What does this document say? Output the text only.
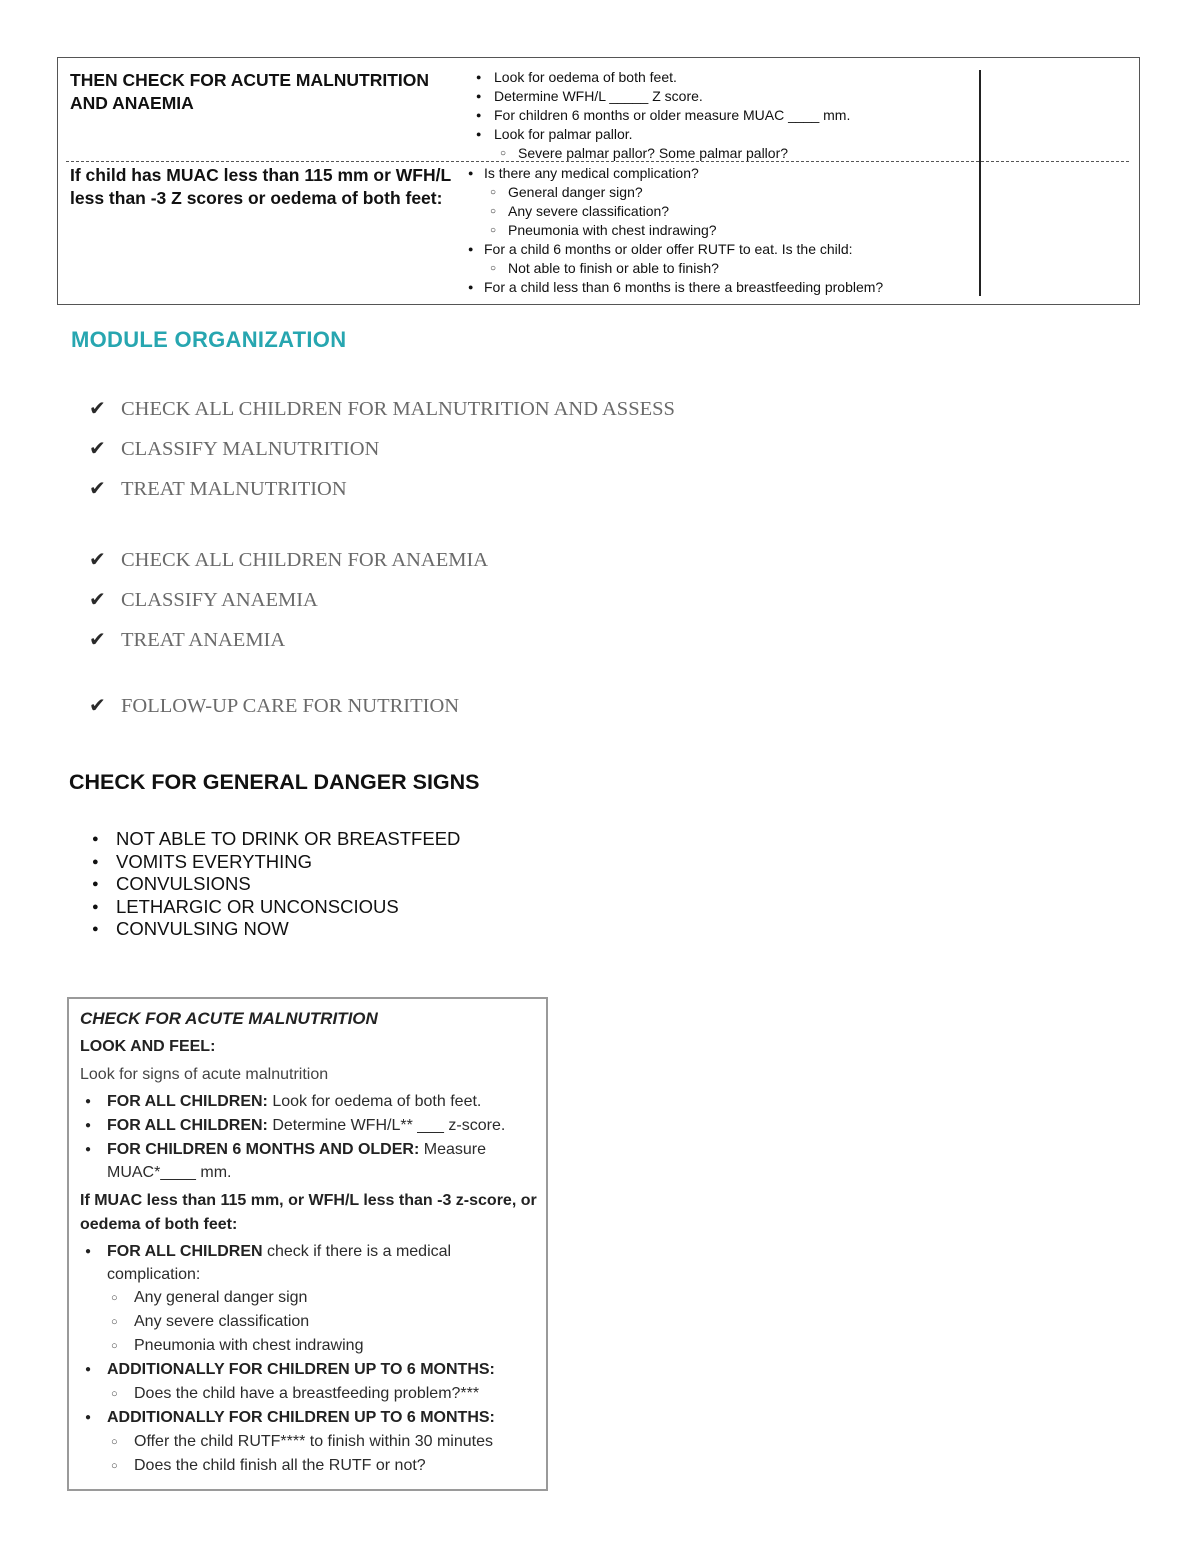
THEN CHECK FOR ACUTE MALNUTRITION AND ANAEMIA
● Look for oedema of both feet.
● Determine WFH/L _____ Z score.
● For children 6 months or older measure MUAC ____ mm.
● Look for palmar pallor.
○ Severe palmar pallor? Some palmar pallor?
If child has MUAC less than 115 mm or WFH/L less than -3 Z scores or oedema of both feet:
● Is there any medical complication?
○ General danger sign?
○ Any severe classification?
○ Pneumonia with chest indrawing?
● For a child 6 months or older offer RUTF to eat. Is the child:
○ Not able to finish or able to finish?
● For a child less than 6 months is there a breastfeeding problem?
MODULE ORGANIZATION
✔ CHECK ALL CHILDREN FOR MALNUTRITION AND ASSESS
✔ CLASSIFY MALNUTRITION
✔ TREAT MALNUTRITION
✔ CHECK ALL CHILDREN FOR ANAEMIA
✔ CLASSIFY ANAEMIA
✔ TREAT ANAEMIA
✔ FOLLOW-UP CARE FOR NUTRITION
CHECK FOR GENERAL DANGER SIGNS
● NOT ABLE TO DRINK OR BREASTFEED
● VOMITS EVERYTHING
● CONVULSIONS
● LETHARGIC OR UNCONSCIOUS
● CONVULSING NOW
CHECK FOR ACUTE MALNUTRITION
LOOK AND FEEL:
Look for signs of acute malnutrition
● FOR ALL CHILDREN: Look for oedema of both feet.
● FOR ALL CHILDREN: Determine WFH/L** ___ z-score.
● FOR CHILDREN 6 MONTHS AND OLDER: Measure MUAC*____ mm.
If MUAC less than 115 mm, or WFH/L less than -3 z-score, or oedema of both feet:
● FOR ALL CHILDREN check if there is a medical complication:
○ Any general danger sign
○ Any severe classification
○ Pneumonia with chest indrawing
● ADDITIONALLY FOR CHILDREN UP TO 6 MONTHS:
○ Does the child have a breastfeeding problem?***
● ADDITIONALLY FOR CHILDREN UP TO 6 MONTHS:
○ Offer the child RUTF**** to finish within 30 minutes
○ Does the child finish all the RUTF or not?
